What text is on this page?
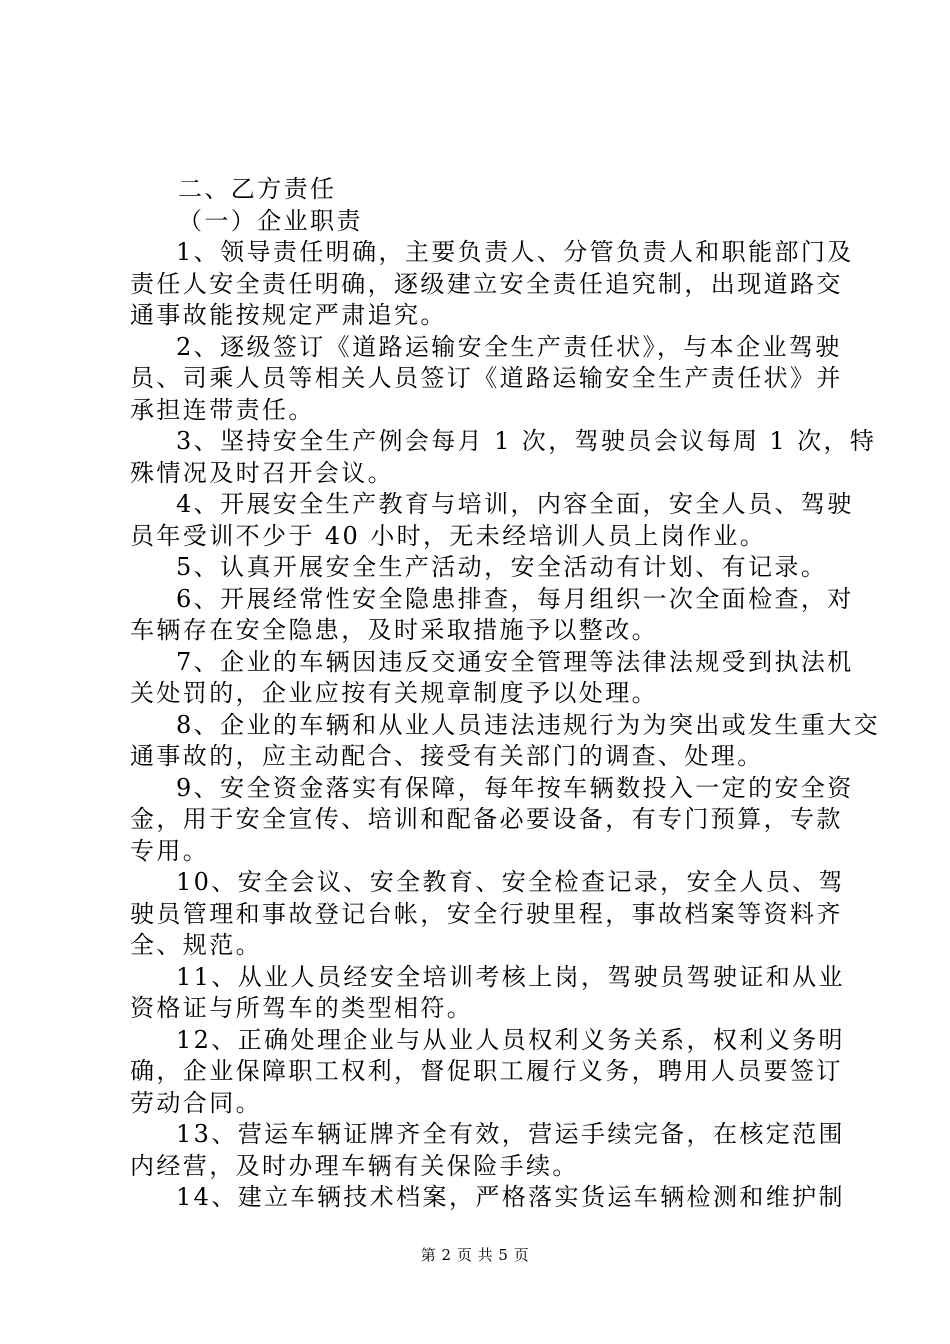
二、乙方责任
（一）企业职责
1、领导责任明确，主要负责人、分管负责人和职能部门及
责任人安全责任明确，逐级建立安全责任追究制，出现道路交
通事故能按规定严肃追究。
2、逐级签订《道路运输安全生产责任状》，与本企业驾驶
员、司乘人员等相关人员签订《道路运输安全生产责任状》并
承担连带责任。
3、坚持安全生产例会每月 1 次，驾驶员会议每周 1 次，特
殊情况及时召开会议。
4、开展安全生产教育与培训，内容全面，安全人员、驾驶
员年受训不少于 40 小时，无未经培训人员上岗作业。
5、认真开展安全生产活动，安全活动有计划、有记录。
6、开展经常性安全隐患排查，每月组织一次全面检查，对
车辆存在安全隐患，及时采取措施予以整改。
7、企业的车辆因违反交通安全管理等法律法规受到执法机
关处罚的，企业应按有关规章制度予以处理。
8、企业的车辆和从业人员违法违规行为为突出或发生重大交
通事故的，应主动配合、接受有关部门的调查、处理。
9、安全资金落实有保障，每年按车辆数投入一定的安全资
金，用于安全宣传、培训和配备必要设备，有专门预算，专款
专用。
10、安全会议、安全教育、安全检查记录，安全人员、驾
驶员管理和事故登记台帐，安全行驶里程，事故档案等资料齐
全、规范。
11、从业人员经安全培训考核上岗，驾驶员驾驶证和从业
资格证与所驾车的类型相符。
12、正确处理企业与从业人员权利义务关系，权利义务明
确，企业保障职工权利，督促职工履行义务，聘用人员要签订
劳动合同。
13、营运车辆证牌齐全有效，营运手续完备，在核定范围
内经营，及时办理车辆有关保险手续。
14、建立车辆技术档案，严格落实货运车辆检测和维护制
第 2 页 共 5 页
